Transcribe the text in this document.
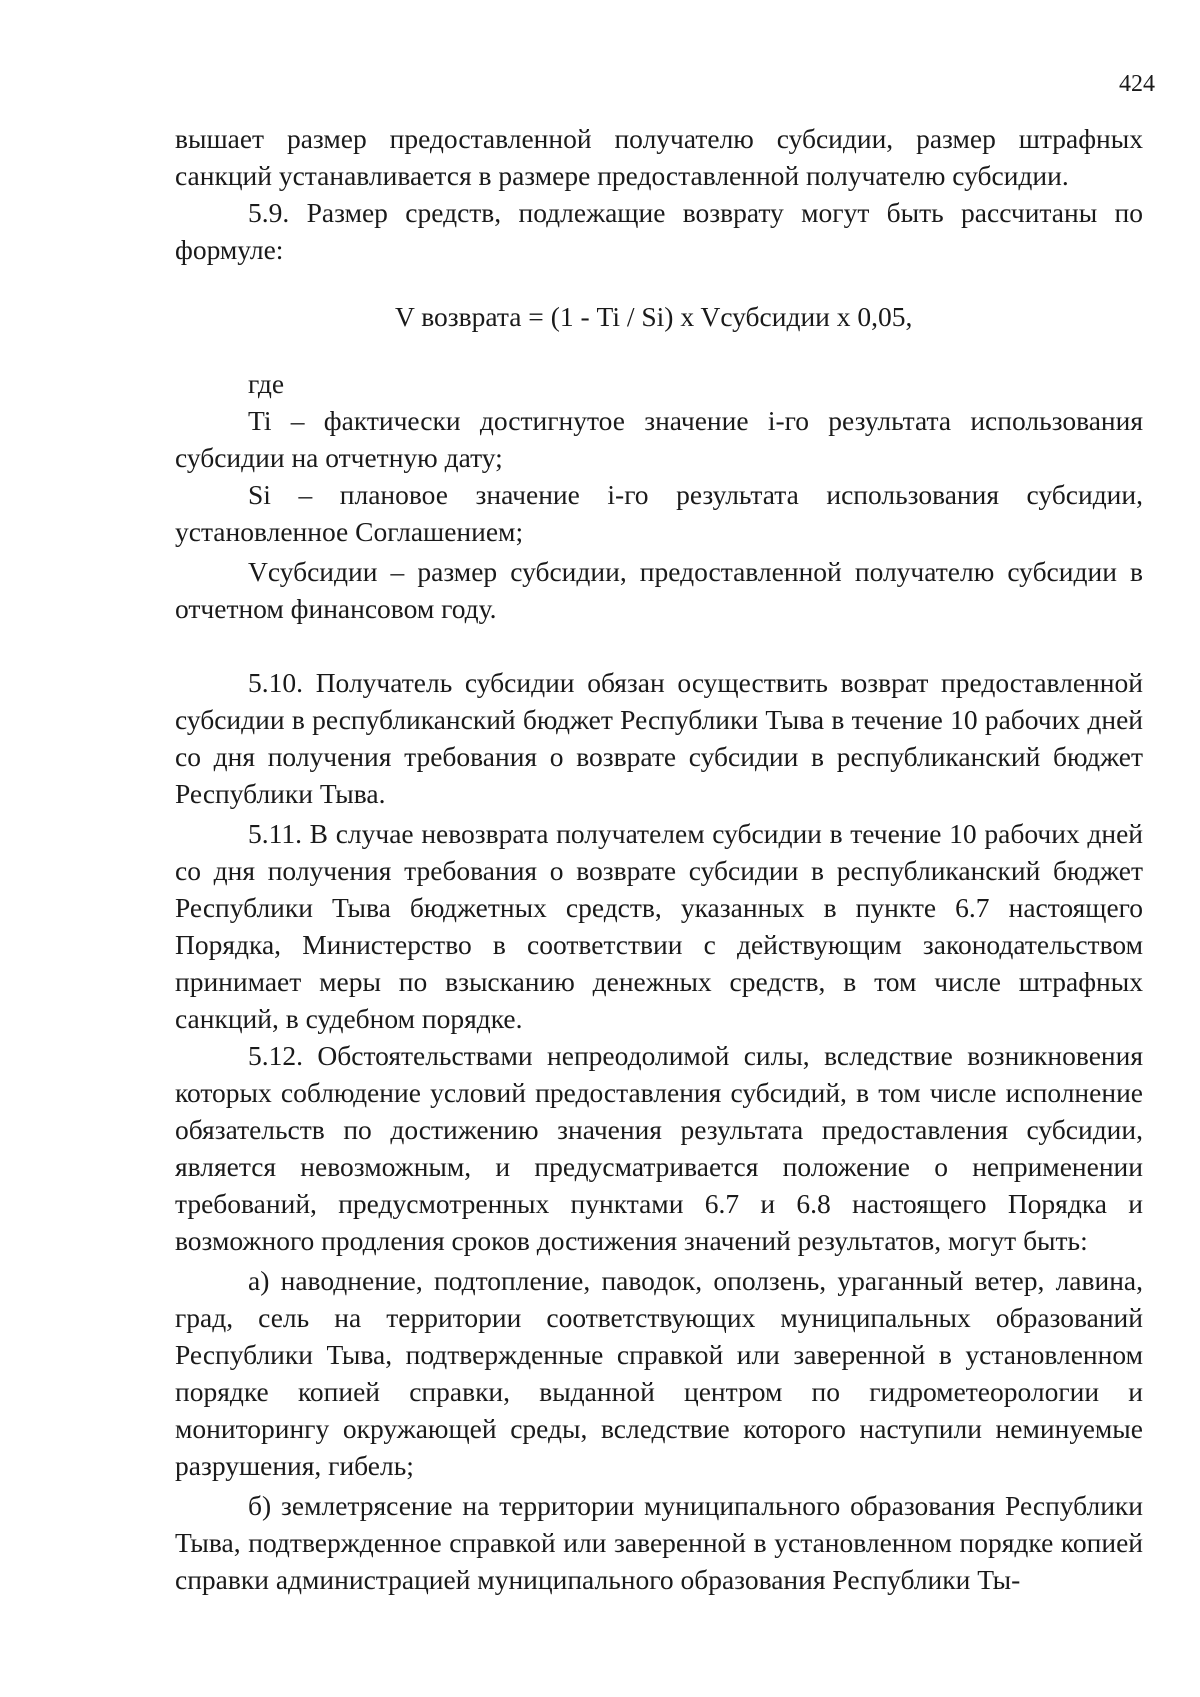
424

вышает размер предоставленной получателю субсидии, размер штрафных санкций устанавливается в размере предоставленной получателю субсидии.

5.9. Размер средств, подлежащие возврату могут быть рассчитаны по формуле:

V возврата = (1 - Ti / Si) x Vсубсидии x 0,05,

где

Ti – фактически достигнутое значение i-го результата использования субсидии на отчетную дату;

Si – плановое значение i-го результата использования субсидии, установленное Соглашением;

Vсубсидии – размер субсидии, предоставленной получателю субсидии в отчетном финансовом году.

5.10. Получатель субсидии обязан осуществить возврат предоставленной субсидии в республиканский бюджет Республики Тыва в течение 10 рабочих дней со дня получения требования о возврате субсидии в республиканский бюджет Республики Тыва.

5.11. В случае невозврата получателем субсидии в течение 10 рабочих дней со дня получения требования о возврате субсидии в республиканский бюджет Республики Тыва бюджетных средств, указанных в пункте 6.7 настоящего Порядка, Министерство в соответствии с действующим законодательством принимает меры по взысканию денежных средств, в том числе штрафных санкций, в судебном порядке.

5.12. Обстоятельствами непреодолимой силы, вследствие возникновения которых соблюдение условий предоставления субсидий, в том числе исполнение обязательств по достижению значения результата предоставления субсидии, является невозможным, и предусматривается положение о неприменении требований, предусмотренных пунктами 6.7 и 6.8 настоящего Порядка и возможного продления сроков достижения значений результатов, могут быть:

а) наводнение, подтопление, паводок, оползень, ураганный ветер, лавина, град, сель на территории соответствующих муниципальных образований Республики Тыва, подтвержденные справкой или заверенной в установленном порядке копией справки, выданной центром по гидрометеорологии и мониторингу окружающей среды, вследствие которого наступили неминуемые разрушения, гибель;

б) землетрясение на территории муниципального образования Республики Тыва, подтвержденное справкой или заверенной в установленном порядке копией справки администрацией муниципального образования Республики Ты-
